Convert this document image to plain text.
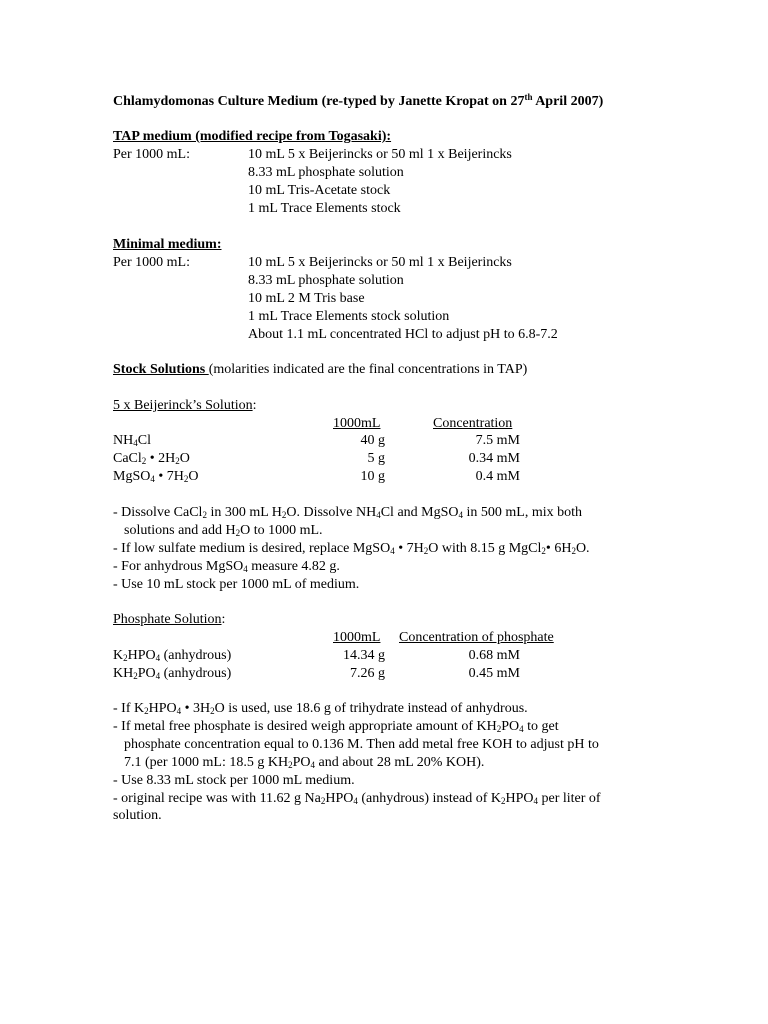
Chlamydomonas Culture Medium (re-typed by Janette Kropat on 27th April 2007)
TAP medium (modified recipe from Togasaki):
Per 1000 mL:	10 mL 5 x Beijerincks or 50 ml 1 x Beijerincks
8.33 mL phosphate solution
10 mL Tris-Acetate stock
1 mL Trace Elements stock
Minimal medium:
Per 1000 mL:	10 mL 5 x Beijerincks or 50 ml 1 x Beijerincks
8.33 mL phosphate solution
10 mL 2 M Tris base
1 mL Trace Elements stock solution
About 1.1 mL concentrated HCl to adjust pH to 6.8-7.2
Stock Solutions (molarities indicated are the final concentrations in TAP)
5 x Beijerinck’s Solution:
1000mL	Concentration
$NH_4Cl$	40 g	7.5 mM
CaCl$_2$ • $2H_2O$	5 g	0.34 mM
MgSO$_4$ • $7H_2O$	10 g	0.4 mM
- Dissolve CaCl$_2$ in 300 mL $H_2O$. Dissolve $NH_4Cl$ and MgSO$_4$ in 500 mL, mix both
solutions and add $H_2O$ to 1000 mL.
- If low sulfate medium is desired, replace MgSO$_4$ • $7H_2O$ with 8.15 g MgCl$_2$• $6H_2O$.
- For anhydrous MgSO$_4$ measure 4.82 g.
- Use 10 mL stock per 1000 mL of medium.
Phosphate Solution:
1000mL Concentration of phosphate
$K_2HPO_4$ (anhydrous)	14.34 g	0.68 mM
$KH_2PO_4$ (anhydrous)	7.26 g	0.45 mM
- If $K_2HPO_4$ • $3H_2O$ is used, use 18.6 g of trihydrate instead of anhydrous.
- If metal free phosphate is desired weigh appropriate amount of $KH_2PO_4$ to get
phosphate concentration equal to 0.136 M. Then add metal free KOH to adjust pH to
7.1 (per 1000 mL: 18.5 g $KH_2PO_4$ and about 28 mL 20% KOH).
- Use 8.33 mL stock per 1000 mL medium.
- original recipe was with 11.62 g $Na_2HPO_4$ (anhydrous) instead of $K_2HPO_4$ per liter of
solution.
